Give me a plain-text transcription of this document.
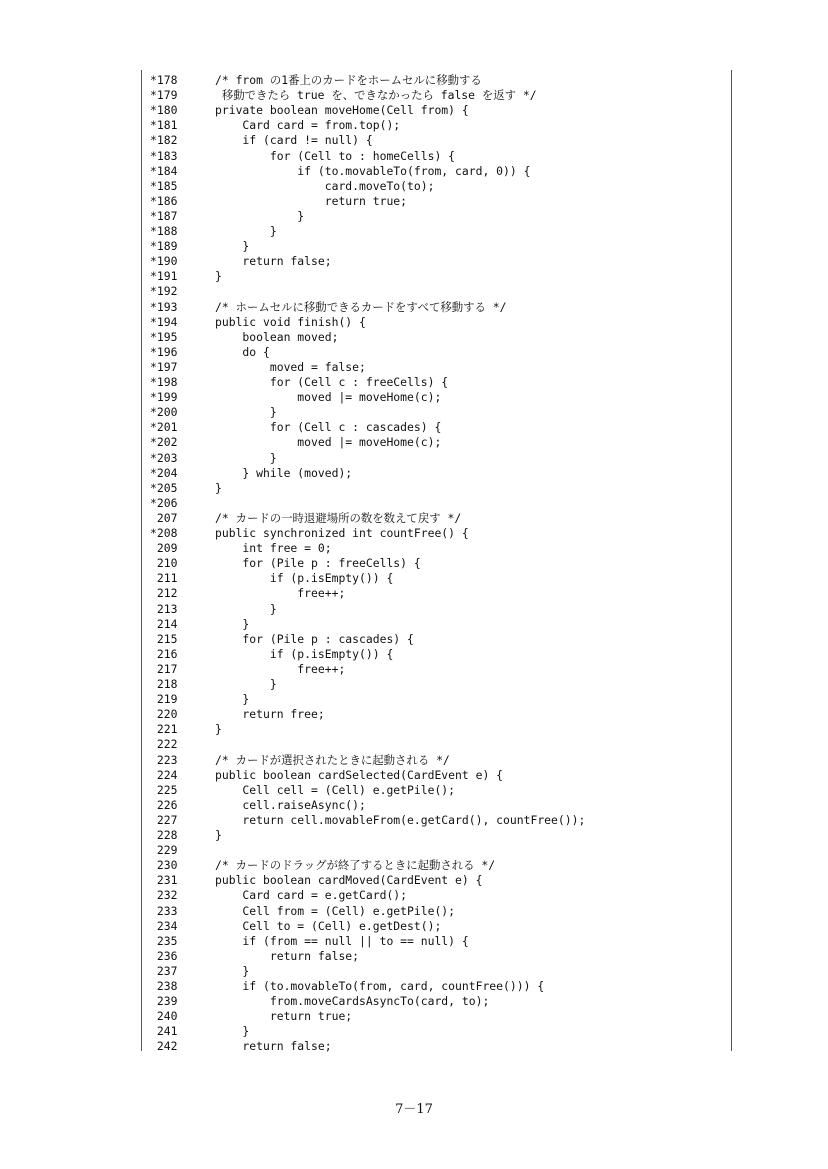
*178	/* from の1番上のカードをホームセルに移動する
*179	移動できたら true を、できなかったら false を返す */
*180	private boolean moveHome(Cell from) {
*181	Card card = from.top();
*182	if (card != null) {
*183	for (Cell to : homeCells) {
*184	if (to.movableTo(from, card, 0)) {
*185	card.moveTo(to);
*186	return true;
*187	}
*188	}
*189	}
*190	return false;
*191	}
*192
*193	/* ホームセルに移動できるカードをすべて移動する */
*194	public void finish() {
*195	boolean moved;
*196	do {
*197	moved = false;
*198	for (Cell c : freeCells) {
*199	moved |= moveHome(c);
*200	}
*201	for (Cell c : cascades) {
*202	moved |= moveHome(c);
*203	}
*204	} while (moved);
*205	}
*206
207	/* カードの一時退避場所の数を数えて戻す */
*208	public synchronized int countFree() {
209	int free = 0;
210	for (Pile p : freeCells) {
211	if (p.isEmpty()) {
212	free++;
213	}
214	}
215	for (Pile p : cascades) {
216	if (p.isEmpty()) {
217	free++;
218	}
219	}
220	return free;
221	}
222
223	/* カードが選択されたときに起動される */
224	public boolean cardSelected(CardEvent e) {
225	Cell cell = (Cell) e.getPile();
226	cell.raiseAsync();
227	return cell.movableFrom(e.getCard(), countFree());
228	}
229
230	/* カードのドラッグが終了するときに起動される */
231	public boolean cardMoved(CardEvent e) {
232	Card card = e.getCard();
233	Cell from = (Cell) e.getPile();
234	Cell to = (Cell) e.getDest();
235	if (from == null || to == null) {
236	return false;
237	}
238	if (to.movableTo(from, card, countFree())) {
239	from.moveCardsAsyncTo(card, to);
240	return true;
241	}
242	return false;
7－17
